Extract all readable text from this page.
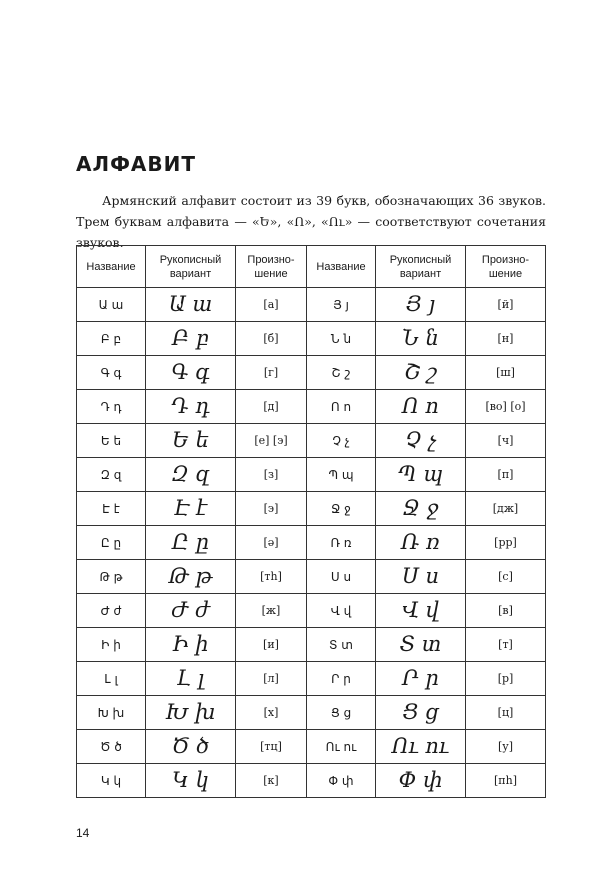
АЛФАВИТ

Армянский алфавит состоит из 39 букв, обозначающих 36 звуков. Трем буквам алфавита — «Ե», «Ո», «Ու» — соответствуют сочетания звуков.

Название	Рукописный вариант	Произно-шение	Название	Рукописный вариант	Произно-шение
Ա ա	Ա ա	[а]	Յ յ	Յ յ	[й]
Բ բ	Բ բ	[б]	Ն ն	Ն ն	[н]
Գ գ	Գ գ	[г]	Շ շ	Շ շ	[ш]
Դ դ	Դ դ	[д]	Ո ո	Ո ո	[во] [о]
Ե ե	Ե ե	[е] [э]	Չ չ	Չ չ	[ч]
Զ զ	Զ զ	[з]	Պ պ	Պ պ	[п]
Է է	Է է	[э]	Ջ ջ	Ջ ջ	[дж]
Ը ը	Ը ը	[ә]	Ռ ռ	Ռ ռ	[рр]
Թ թ	Թ թ	[тh]	Ս ս	Ս ս	[с]
Ժ ժ	Ժ ժ	[ж]	Վ վ	Վ վ	[в]
Ի ի	Ի ի	[и]	Տ տ	Տ տ	[т]
Լ լ	Լ լ	[л]	Ր ր	Ր ր	[р]
Խ խ	Խ խ	[х]	Ց ց	Ց ց	[ц]
Ծ ծ	Ծ ծ	[тц]	Ու ու	Ու ու	[у]
Կ կ	Կ կ	[к]	Փ փ	Փ փ	[пh]
14
